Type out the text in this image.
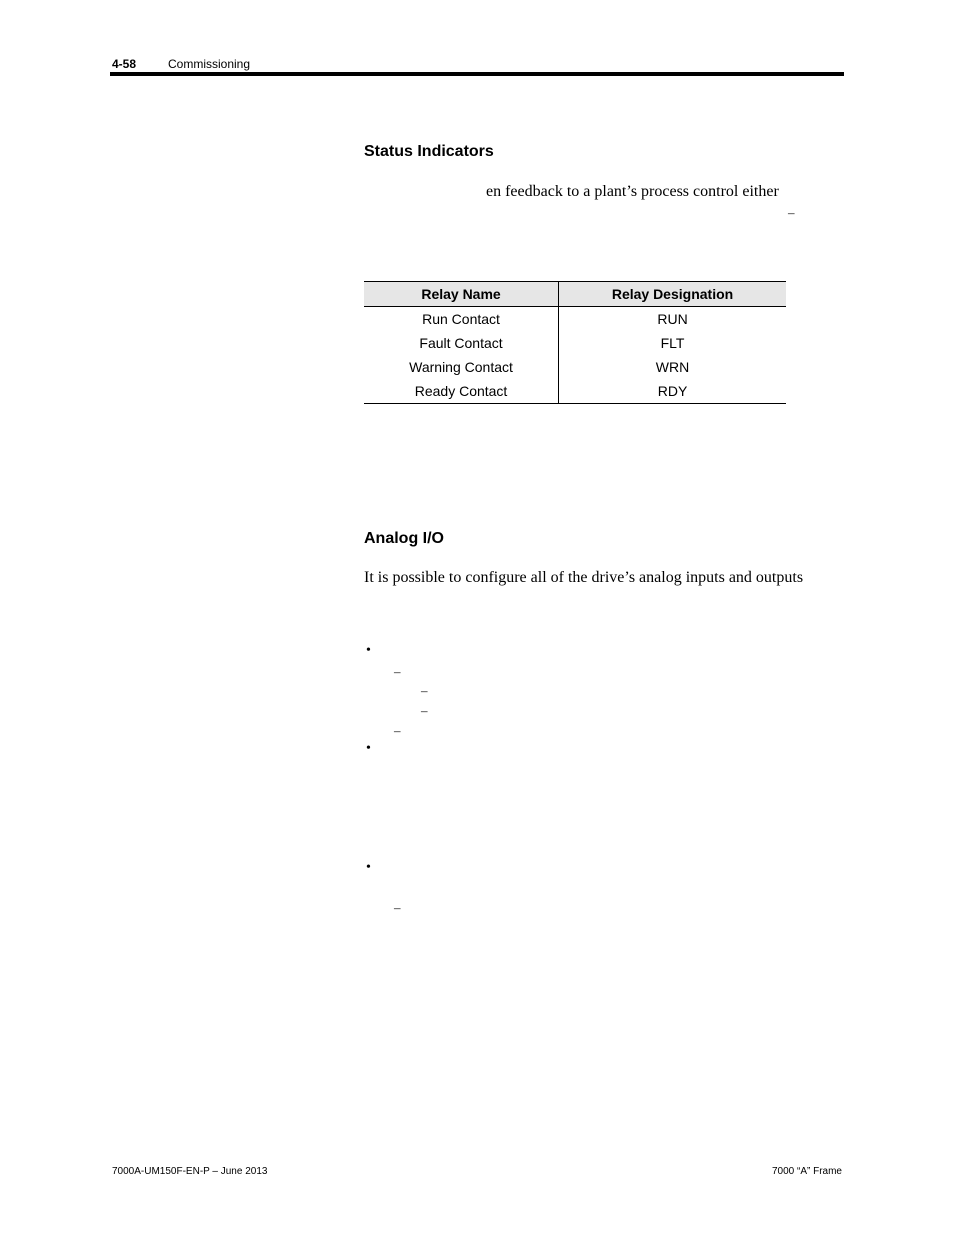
4-58	Commissioning
Status Indicators
en feedback to a plant’s process control either
–
Relay Name	Relay Designation
Run Contact	RUN
Fault Contact	FLT
Warning Contact	WRN
Ready Contact	RDY
Analog I/O
It is possible to configure all of the drive’s analog inputs and outputs
•
–
–
–
–
•
•
–
7000A-UM150F-EN-P – June 2013	7000 “A” Frame
